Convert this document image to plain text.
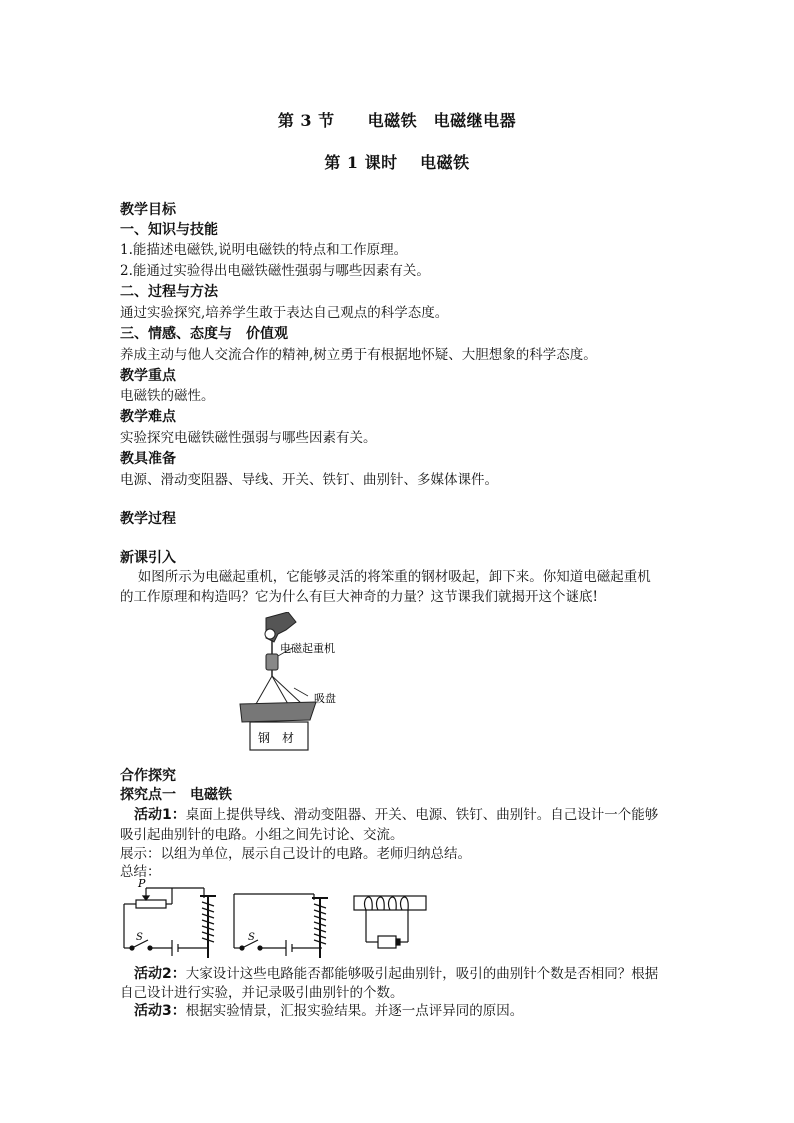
第 3 节　　电磁铁　电磁继电器
第 1 课时　 电磁铁
教学目标
一、知识与技能
1.能描述电磁铁,说明电磁铁的特点和工作原理。
2.能通过实验得出电磁铁磁性强弱与哪些因素有关。
二、过程与方法
通过实验探究,培养学生敢于表达自己观点的科学态度。
三、情感、态度与　价值观
养成主动与他人交流合作的精神,树立勇于有根据地怀疑、大胆想象的科学态度。
教学重点
电磁铁的磁性。
教学难点
实验探究电磁铁磁性强弱与哪些因素有关。
教具准备
电源、滑动变阻器、导线、开关、铁钉、曲别针、多媒体课件。
教学过程
新课引入
　 如图所示为电磁起重机，它能够灵活的将笨重的钢材吸起，卸下来。你知道电磁起重机
的工作原理和构造吗？它为什么有巨大神奇的力量？这节课我们就揭开这个谜底!
电磁起重机
吸盘
钢　材
合作探究
探究点一　电磁铁
　活动1：桌面上提供导线、滑动变阻器、开关、电源、铁钉、曲别针。自己设计一个能够
吸引起曲别针的电路。小组之间先讨论、交流。
展示：以组为单位，展示自己设计的电路。老师归纳总结。
总结：
P
S	S
　活动2：大家设计这些电路能否都能够吸引起曲别针，吸引的曲别针个数是否相同？根据
自己设计进行实验，并记录吸引曲别针的个数。
　活动3：根据实验情景，汇报实验结果。并逐一点评异同的原因。
